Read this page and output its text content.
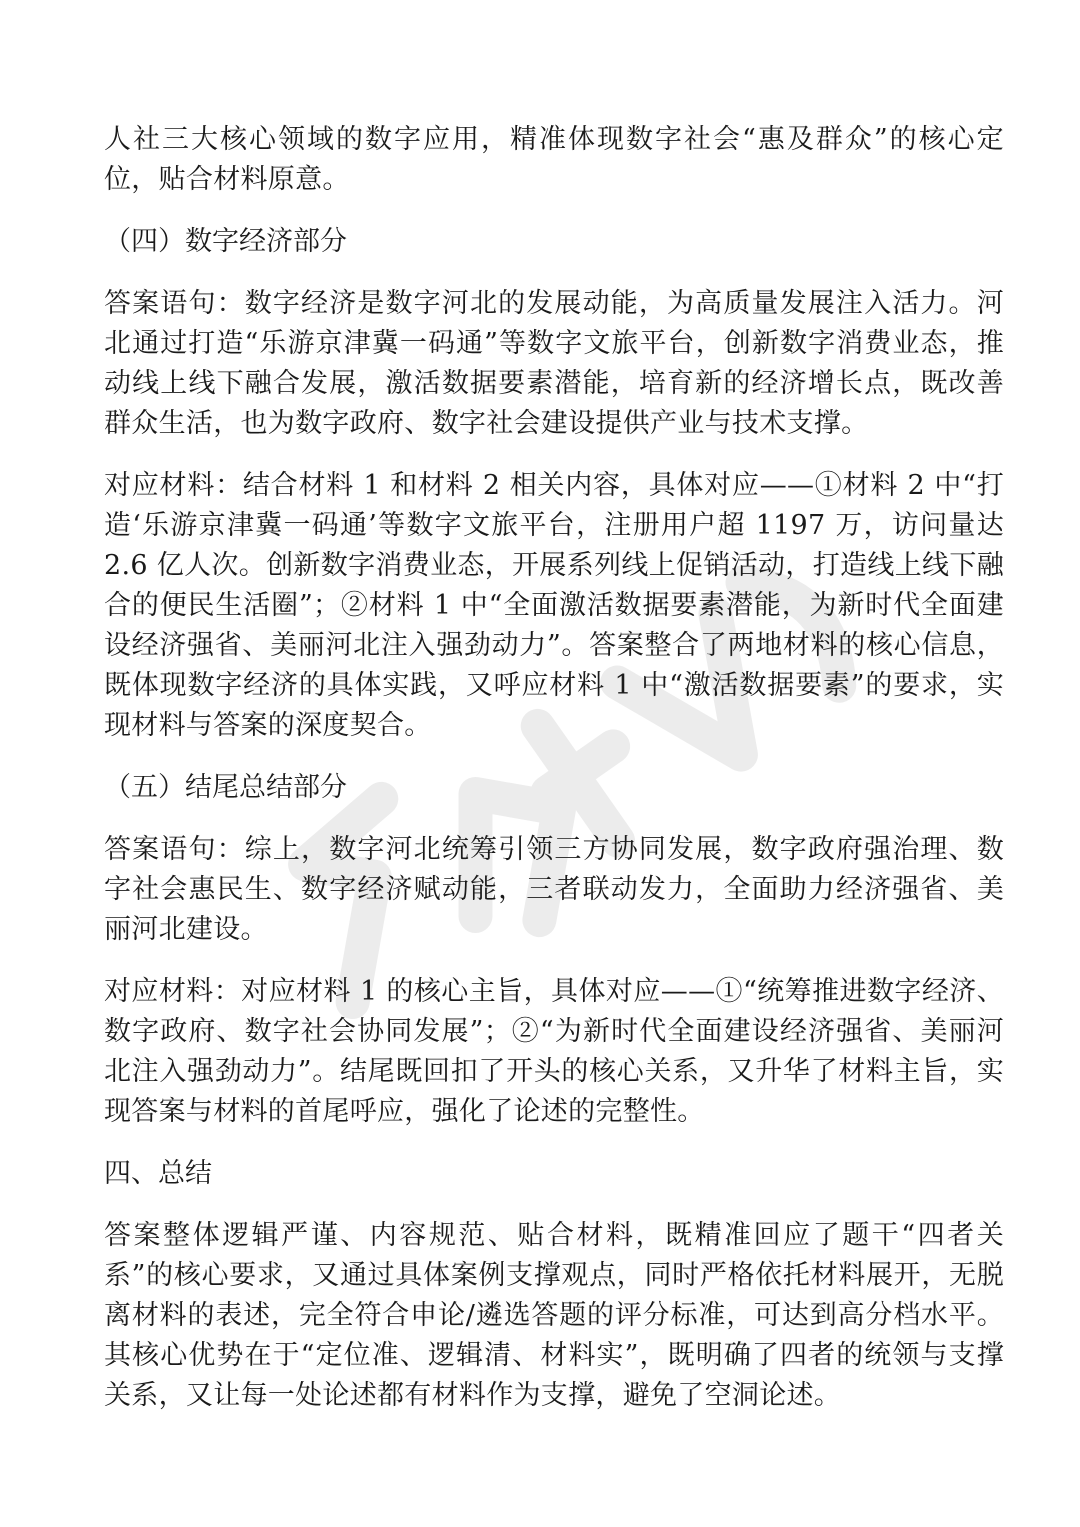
人社三大核心领域的数字应用，精准体现数字社会“惠及群众”的核心定位，贴合材料原意。

（四）数字经济部分

答案语句：数字经济是数字河北的发展动能，为高质量发展注入活力。河北通过打造“乐游京津冀一码通”等数字文旅平台，创新数字消费业态，推动线上线下融合发展，激活数据要素潜能，培育新的经济增长点，既改善群众生活，也为数字政府、数字社会建设提供产业与技术支撑。

对应材料：结合材料 1 和材料 2 相关内容，具体对应——①材料 2 中“打造‘乐游京津冀一码通’等数字文旅平台，注册用户超 1197 万，访问量达 2.6 亿人次。创新数字消费业态，开展系列线上促销活动，打造线上线下融合的便民生活圈”；②材料 1 中“全面激活数据要素潜能，为新时代全面建设经济强省、美丽河北注入强劲动力”。答案整合了两地材料的核心信息，既体现数字经济的具体实践，又呼应材料 1 中“激活数据要素”的要求，实现材料与答案的深度契合。

（五）结尾总结部分

答案语句：综上，数字河北统筹引领三方协同发展，数字政府强治理、数字社会惠民生、数字经济赋动能，三者联动发力，全面助力经济强省、美丽河北建设。

对应材料：对应材料 1 的核心主旨，具体对应——①“统筹推进数字经济、数字政府、数字社会协同发展”；②“为新时代全面建设经济强省、美丽河北注入强劲动力”。结尾既回扣了开头的核心关系，又升华了材料主旨，实现答案与材料的首尾呼应，强化了论述的完整性。

四、总结

答案整体逻辑严谨、内容规范、贴合材料，既精准回应了题干“四者关系”的核心要求，又通过具体案例支撑观点，同时严格依托材料展开，无脱离材料的表述，完全符合申论/遴选答题的评分标准，可达到高分档水平。其核心优势在于“定位准、逻辑清、材料实”，既明确了四者的统领与支撑关系，又让每一处论述都有材料作为支撑，避免了空洞论述。
